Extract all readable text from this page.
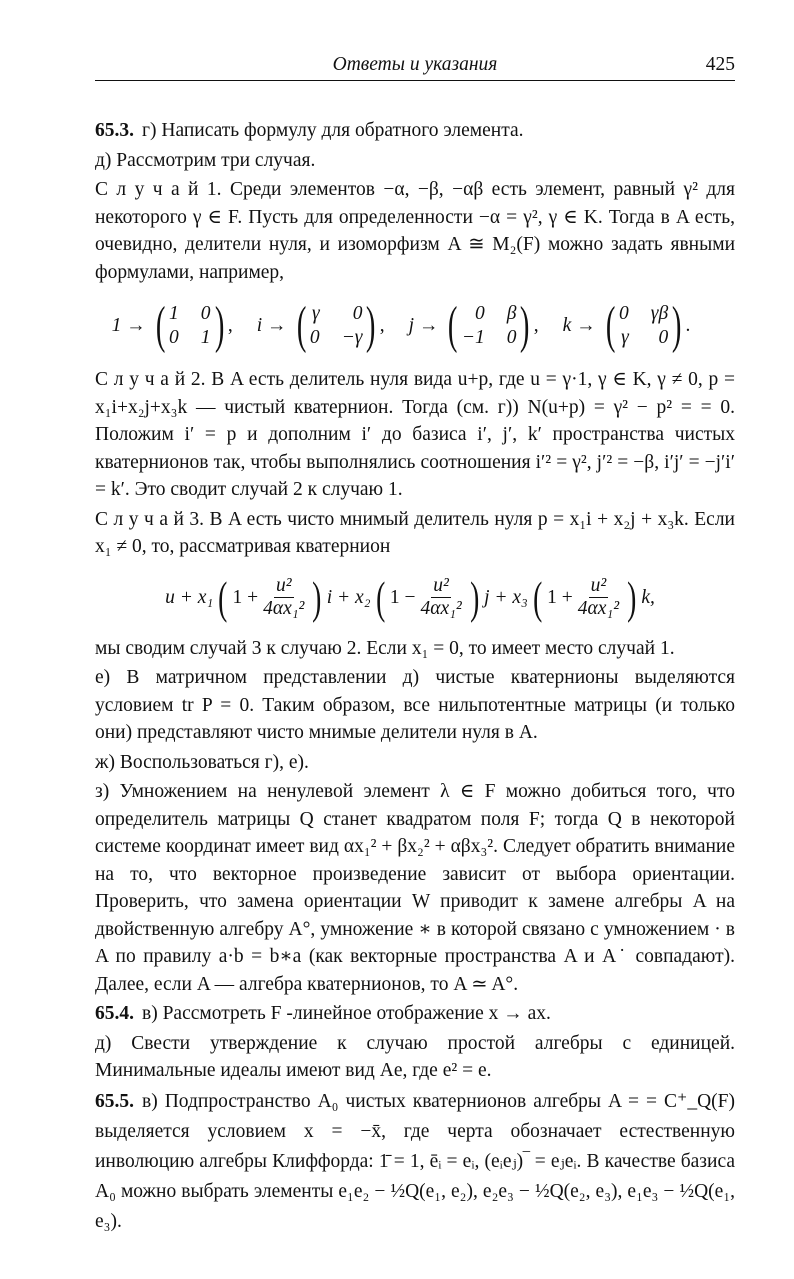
Ответы и указания	425
65.3. г) Написать формулу для обратного элемента.
д) Рассмотрим три случая.
С л у ч а й 1. Среди элементов −α, −β, −αβ есть элемент, равный γ² для некоторого γ ∈ F. Пусть для определенности −α = γ², γ ∈ K. Тогда в A есть, очевидно, делители нуля, и изоморфизм A ≅ M₂(F) можно задать явными формулами, например,
1 → ( 1 0
0 1 ) , i → ( γ	0
0 −γ ) , j → ( 0 β
−1 0 ) , k → ( 0 γβ
γ	0 ) .
С л у ч а й 2. В A есть делитель нуля вида u+p, где u = γ·1, γ ∈ K, γ ≠ 0, p = x₁i+x₂j+x₃k — чистый кватернион. Тогда (см. г)) N(u+p) = γ² − p² = = 0. Положим i′ = p и дополним i′ до базиса i′, j′, k′ пространства чистых кватернионов так, чтобы выполнялись соотношения i′² = γ², j′² = −β, i′j′ = −j′i′ = k′. Это сводит случай 2 к случаю 1.
С л у ч а й 3. В A есть чисто мнимый делитель нуля p = x₁i + x₂j + x₃k. Если x₁ ≠ 0, то, рассматривая кватернион
u + x₁ ( $1 + \frac{\text{u²}}{\text{4αx₁²}}$ ) i + x₂ ( $1 - \frac{\text{u²}}{\text{4αx₁²}}$ ) j + x₃ ( $1 + \frac{\text{u²}}{\text{4αx₁²}}$ ) k,
мы сводим случай 3 к случаю 2. Если x₁ = 0, то имеет место случай 1.
е) В матричном представлении д) чистые кватернионы выделяются условием tr P = 0. Таким образом, все нильпотентные матрицы (и только они) представляют чисто мнимые делители нуля в A.
ж) Воспользоваться г), е).
з) Умножением на ненулевой элемент λ ∈ F можно добиться того, что определитель матрицы Q станет квадратом поля F; тогда Q в некоторой системе координат имеет вид αx₁² + βx₂² + αβx₃². Следует обратить внимание на то, что векторное произведение зависит от выбора ориентации. Проверить, что замена ориентации W приводит к замене алгебры A на двойственную алгебру A°, умножение ∗ в которой связано с умножением · в A по правилу a·b = b∗a (как векторные пространства A и A˙ совпадают). Далее, если A — алгебра кватернионов, то A ≃ A°.
65.4. в) Рассмотреть F -линейное отображение x → ax.
д) Свести утверждение к случаю простой алгебры с единицей. Минимальные идеалы имеют вид Ae, где e² = e.
65.5. в) Подпространство A₀ чистых кватернионов алгебры A = = C⁺_Q(F) выделяется условием x = −x̄, где черта обозначает естественную инволюцию алгебры Клиффорда: 1̄ = 1, ēᵢ = eᵢ, (eᵢeⱼ)‾ = eⱼeᵢ. В качестве базиса A₀ можно выбрать элементы e₁e₂ − ½Q(e₁, e₂), e₂e₃ − ½Q(e₂, e₃), e₁e₃ − ½Q(e₁, e₃).
